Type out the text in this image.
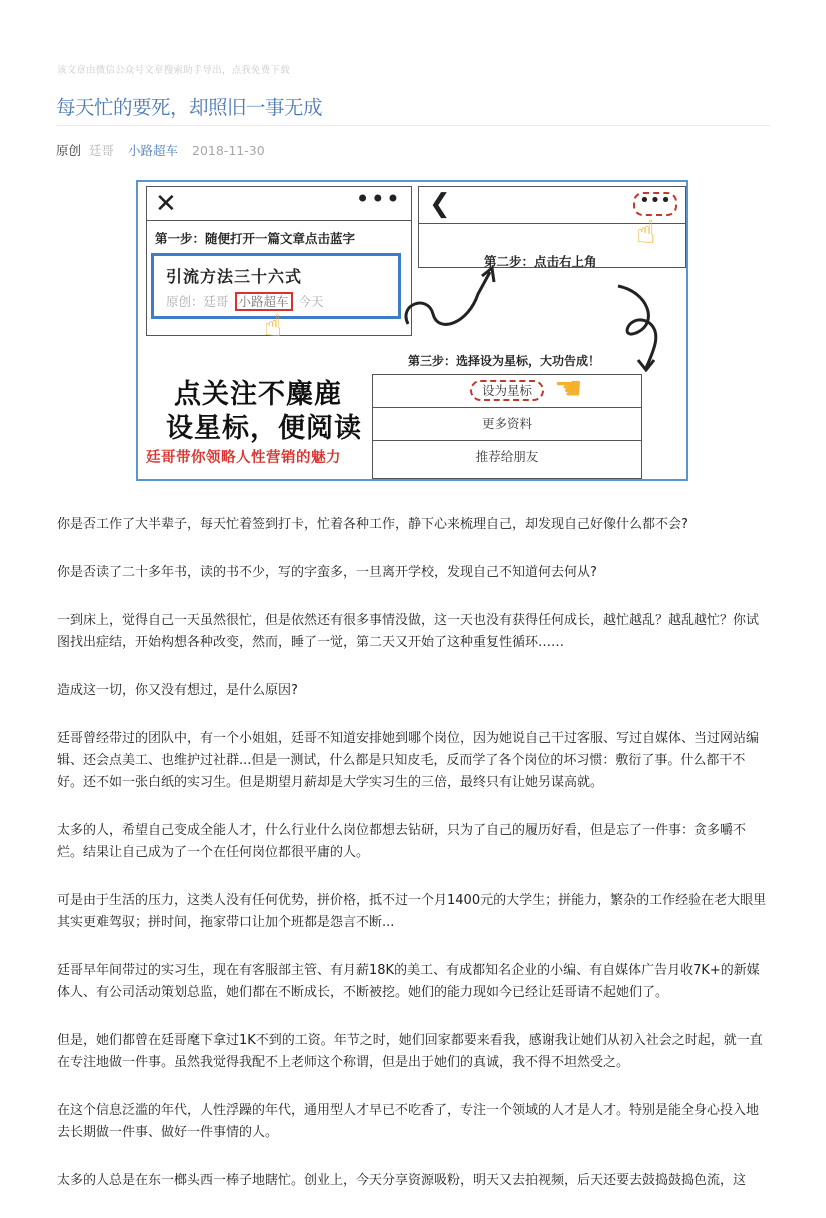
该文章由微信公众号文章搜索助手导出，点我免费下载
每天忙的要死，却照旧一事无成
原创 廷哥 小路超车 2018-11-30
✕	•••
第一步：随便打开一篇文章点击蓝字
引流方法三十六式
原创：廷哥 小路超车 今天
☝
❮	•••
☝
第二步：点击右上角
第三步：选择设为星标，大功告成！
点关注不麋鹿
设星标，便阅读
廷哥带你领略人性营销的魅力
设为星标
更多资料
推荐给朋友
☚

你是否工作了大半辈子，每天忙着签到打卡，忙着各种工作，静下心来梳理自己，却发现自己好像什么都不会?

你是否读了二十多年书，读的书不少，写的字蛮多，一旦离开学校，发现自己不知道何去何从?

一到床上，觉得自己一天虽然很忙，但是依然还有很多事情没做，这一天也没有获得任何成长，越忙越乱？越乱越忙？你试图找出症结，开始构想各种改变，然而，睡了一觉，第二天又开始了这种重复性循环……

造成这一切，你又没有想过，是什么原因?

廷哥曾经带过的团队中，有一个小姐姐，廷哥不知道安排她到哪个岗位，因为她说自己干过客服、写过自媒体、当过网站编辑、还会点美工、也维护过社群...但是一测试，什么都是只知皮毛，反而学了各个岗位的坏习惯：敷衍了事。什么都干不好。还不如一张白纸的实习生。但是期望月薪却是大学实习生的三倍，最终只有让她另谋高就。

太多的人，希望自己变成全能人才，什么行业什么岗位都想去钻研，只为了自己的履历好看，但是忘了一件事：贪多嚼不烂。结果让自己成为了一个在任何岗位都很平庸的人。

可是由于生活的压力，这类人没有任何优势，拼价格，抵不过一个月1400元的大学生；拼能力，繁杂的工作经验在老大眼里其实更难驾驭；拼时间，拖家带口让加个班都是怨言不断...

廷哥早年间带过的实习生，现在有客服部主管、有月薪18K的美工、有成都知名企业的小编、有自媒体广告月收7K+的新媒体人、有公司活动策划总监，她们都在不断成长，不断被挖。她们的能力现如今已经让廷哥请不起她们了。

但是，她们都曾在廷哥麾下拿过1K不到的工资。年节之时，她们回家都要来看我，感谢我让她们从初入社会之时起，就一直在专注地做一件事。虽然我觉得我配不上老师这个称谓，但是出于她们的真诚，我不得不坦然受之。

在这个信息泛滥的年代，人性浮躁的年代，通用型人才早已不吃香了，专注一个领域的人才是人才。特别是能全身心投入地去长期做一件事、做好一件事情的人。

太多的人总是在东一榔头西一棒子地瞎忙。创业上，今天分享资源吸粉，明天又去拍视频，后天还要去鼓捣鼓捣色流，这
